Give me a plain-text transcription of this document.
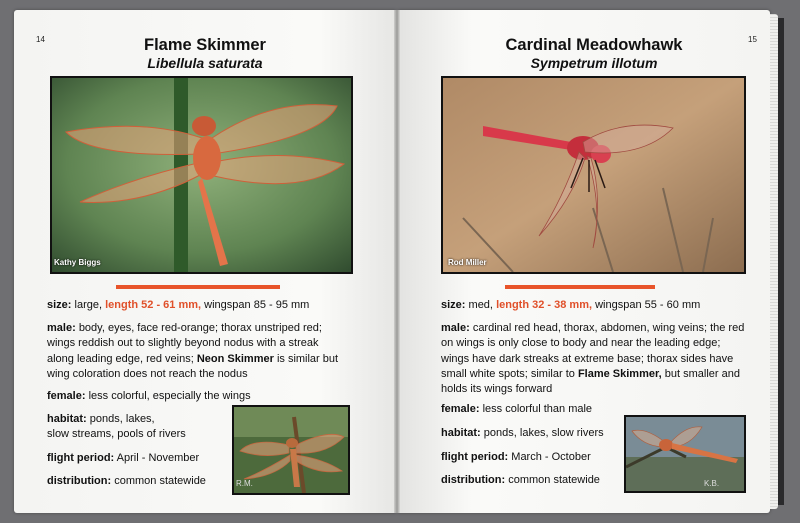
14	Flame Skimmer
Libellula saturata
Kathy Biggs
size: large, length 52 - 61 mm, wingspan 85 - 95 mm
male: body, eyes, face red-orange; thorax unstriped red; wings reddish out to slightly beyond nodus with a streak along leading edge, red veins; Neon Skimmer is similar but wing coloration does not reach the nodus
female: less colorful, especially the wings
habitat: ponds, lakes,
slow streams, pools of rivers
flight period: April - November
distribution: common statewide	R.M.
15
Cardinal Meadowhawk
Sympetrum illotum
Rod Miller
size: med, length 32 - 38 mm, wingspan 55 - 60 mm
male: cardinal red head, thorax, abdomen, wing veins; the red on wings is only close to body and near the leading edge; wings have dark streaks at extreme base; thorax sides have small white spots; similar to Flame Skimmer, but smaller and holds its wings forward
female: less colorful than male
habitat: ponds, lakes, slow rivers
flight period: March - October
distribution: common statewide	K.B.
